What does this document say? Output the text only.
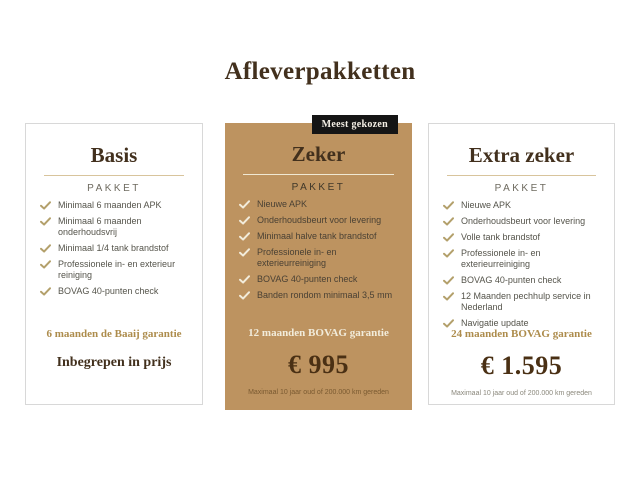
Afleverpakketten
Basis
PAKKET
Minimaal 6 maanden APK
Minimaal 6 maanden onderhoudsvrij
Minimaal 1/4 tank brandstof
Professionele in- en exterieur reiniging
BOVAG 40-punten check
6 maanden de Baaij garantie
Inbegrepen in prijs
Meest gekozen
Zeker
PAKKET
Nieuwe APK
Onderhoudsbeurt voor levering
Minimaal halve tank brandstof
Professionele in- en exterieurreiniging
BOVAG 40-punten check
Banden rondom minimaal 3,5 mm
12 maanden BOVAG garantie
€ 995
Maximaal 10 jaar oud of 200.000 km gereden
Extra zeker
PAKKET
Nieuwe APK
Onderhoudsbeurt voor levering
Volle tank brandstof
Professionele in- en exterieurreiniging
BOVAG 40-punten check
12 Maanden pechhulp service in Nederland
Navigatie update
24 maanden BOVAG garantie
€ 1.595
Maximaal 10 jaar oud of 200.000 km gereden
